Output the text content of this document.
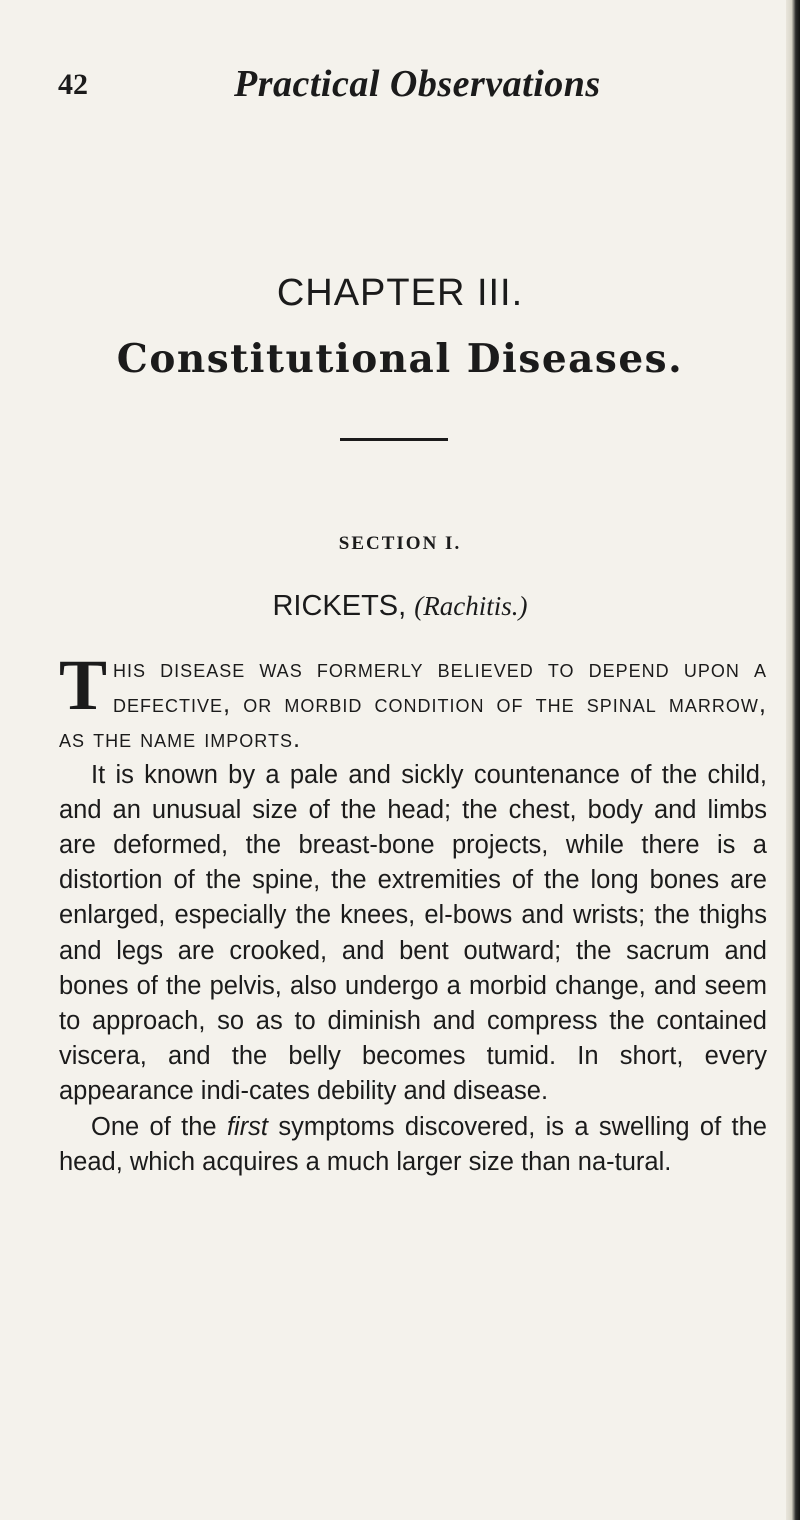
42	Practical Observations
CHAPTER III.
Constitutional Diseases.
SECTION I.
RICKETS, (Rachitis.)

This disease was formerly believed to depend upon a defective, or morbid condition of the spinal marrow, as the name imports.

It is known by a pale and sickly countenance of the child, and an unusual size of the head; the chest, body and limbs are deformed, the breast-bone projects, while there is a distortion of the spine, the extremities of the long bones are enlarged, especially the knees, el-bows and wrists; the thighs and legs are crooked, and bent outward; the sacrum and bones of the pelvis, also undergo a morbid change, and seem to approach, so as to diminish and compress the contained viscera, and the belly becomes tumid. In short, every appearance indi-cates debility and disease.

One of the first symptoms discovered, is a swelling of the head, which acquires a much larger size than na-tural.
